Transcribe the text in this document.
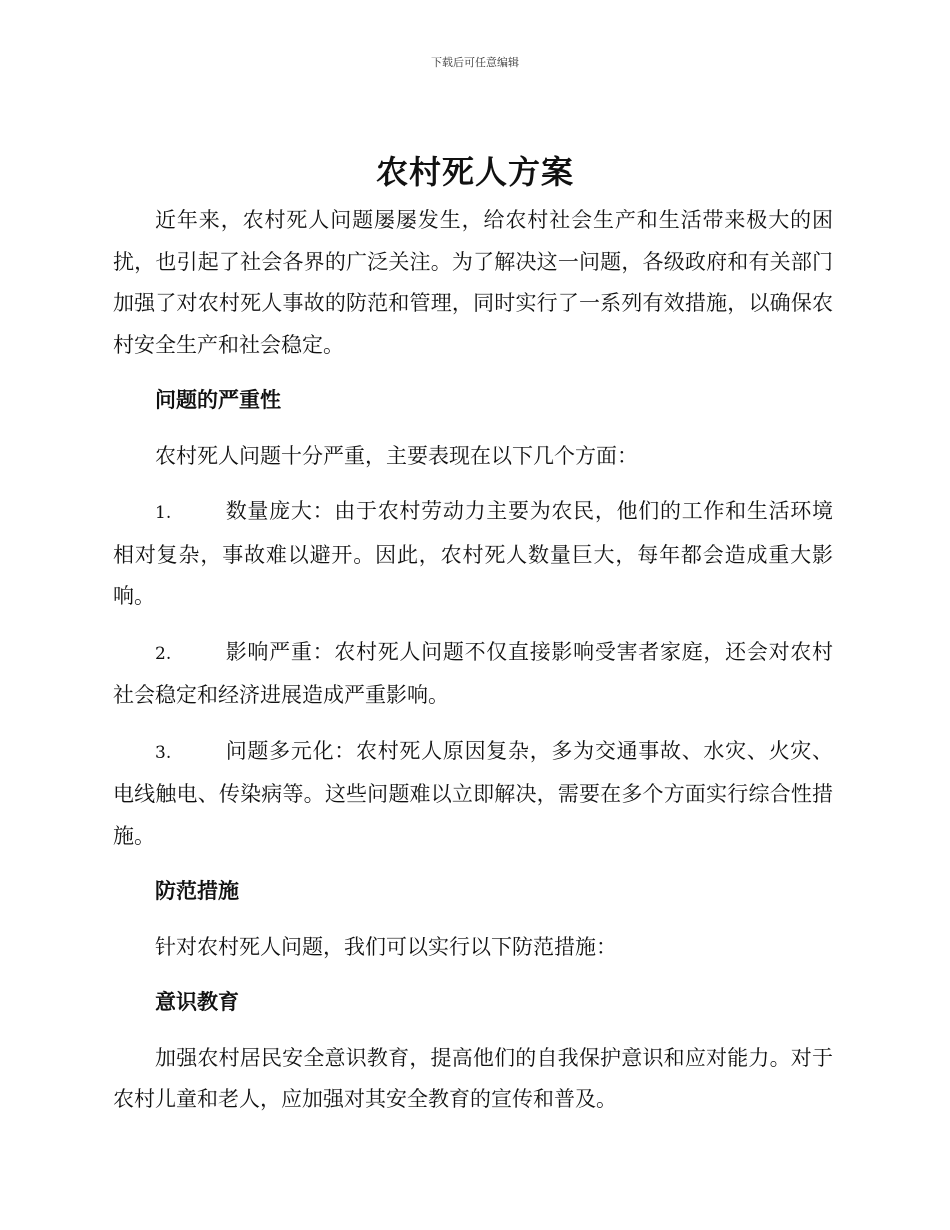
下载后可任意编辑
农村死人方案

近年来，农村死人问题屡屡发生，给农村社会生产和生活带来极大的困扰，也引起了社会各界的广泛关注。为了解决这一问题，各级政府和有关部门加强了对农村死人事故的防范和管理，同时实行了一系列有效措施，以确保农村安全生产和社会稳定。

问题的严重性

农村死人问题十分严重，主要表现在以下几个方面：

1.	数量庞大：由于农村劳动力主要为农民，他们的工作和生活环境相对复杂，事故难以避开。因此，农村死人数量巨大，每年都会造成重大影响。

2.	影响严重：农村死人问题不仅直接影响受害者家庭，还会对农村社会稳定和经济进展造成严重影响。

3.	问题多元化：农村死人原因复杂，多为交通事故、水灾、火灾、电线触电、传染病等。这些问题难以立即解决，需要在多个方面实行综合性措施。

防范措施

针对农村死人问题，我们可以实行以下防范措施：

意识教育

加强农村居民安全意识教育，提高他们的自我保护意识和应对能力。对于农村儿童和老人，应加强对其安全教育的宣传和普及。
